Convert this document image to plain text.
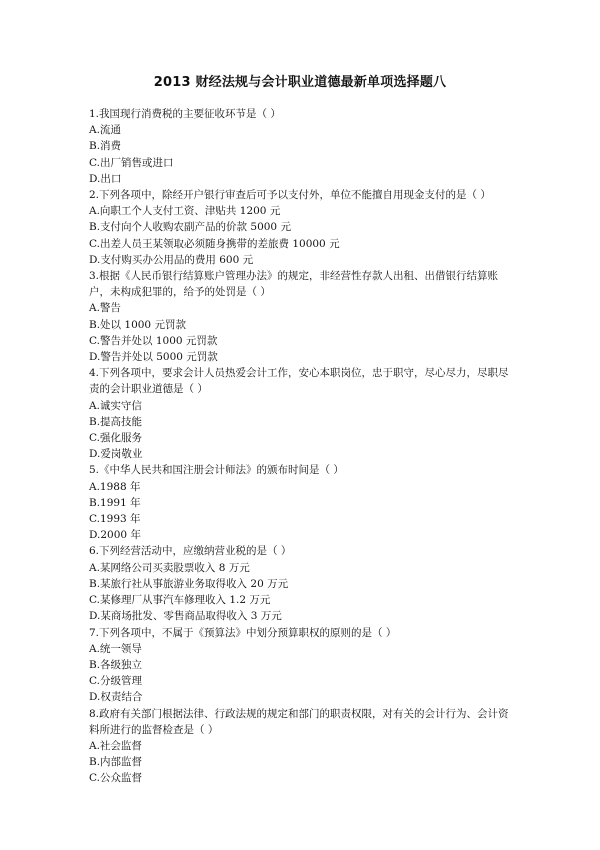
2013 财经法规与会计职业道德最新单项选择题八
1.我国现行消费税的主要征收环节是（ ）
A.流通
B.消费
C.出厂销售或进口
D.出口
2.下列各项中，除经开户银行审查后可予以支付外，单位不能擅自用现金支付的是（ ）
A.向职工个人支付工资、津贴共 1200 元
B.支付向个人收购农副产品的价款 5000 元
C.出差人员王某领取必须随身携带的差旅费 10000 元
D.支付购买办公用品的费用 600 元
3.根据《人民币银行结算账户管理办法》的规定，非经营性存款人出租、出借银行结算账户，未构成犯罪的，给予的处罚是（ ）
A.警告
B.处以 1000 元罚款
C.警告并处以 1000 元罚款
D.警告并处以 5000 元罚款
4.下列各项中，要求会计人员热爱会计工作，安心本职岗位，忠于职守，尽心尽力，尽职尽责的会计职业道德是（ ）
A.诚实守信
B.提高技能
C.强化服务
D.爱岗敬业
5.《中华人民共和国注册会计师法》的颁布时间是（ ）
A.1988 年
B.1991 年
C.1993 年
D.2000 年
6.下列经营活动中，应缴纳营业税的是（ ）
A.某网络公司买卖股票收入 8 万元
B.某旅行社从事旅游业务取得收入 20 万元
C.某修理厂从事汽车修理收入 1.2 万元
D.某商场批发、零售商品取得收入 3 万元
7.下列各项中，不属于《预算法》中划分预算职权的原则的是（ ）
A.统一领导
B.各级独立
C.分级管理
D.权责结合
8.政府有关部门根据法律、行政法规的规定和部门的职责权限，对有关的会计行为、会计资料所进行的监督检查是（ ）
A.社会监督
B.内部监督
C.公众监督
